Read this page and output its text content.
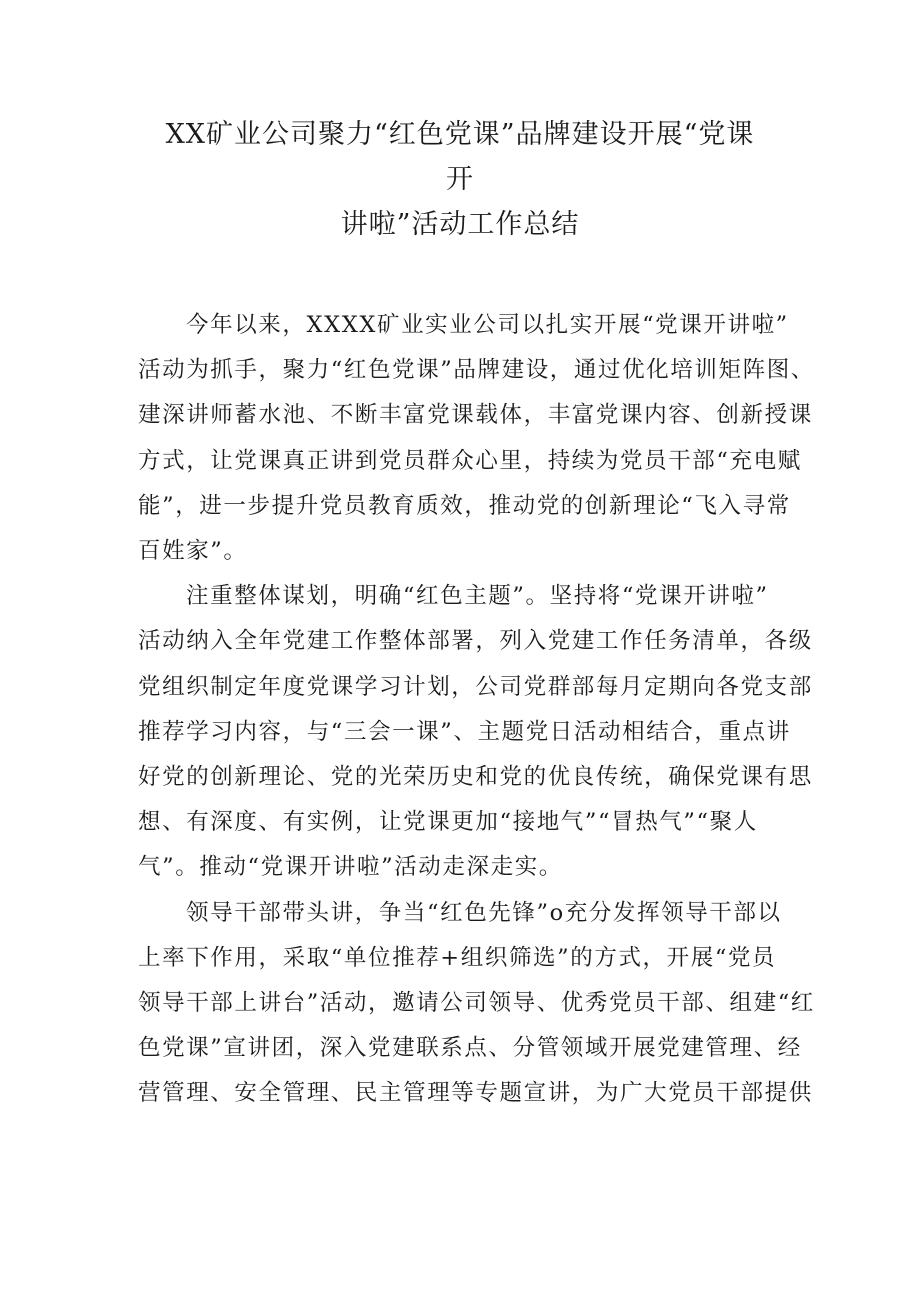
XX矿业公司聚力“红色党课”品牌建设开展“党课
开
讲啦”活动工作总结
今年以来，XXXX矿业实业公司以扎实开展“党课开讲啦”
活动为抓手，聚力“红色党课”品牌建设，通过优化培训矩阵图、
建深讲师蓄水池、不断丰富党课载体，丰富党课内容、创新授课
方式，让党课真正讲到党员群众心里，持续为党员干部“充电赋
能”，进一步提升党员教育质效，推动党的创新理论“飞入寻常
百姓家”。
注重整体谋划，明确“红色主题”。坚持将“党课开讲啦”
活动纳入全年党建工作整体部署，列入党建工作任务清单，各级
党组织制定年度党课学习计划，公司党群部每月定期向各党支部
推荐学习内容，与“三会一课”、主题党日活动相结合，重点讲
好党的创新理论、党的光荣历史和党的优良传统，确保党课有思
想、有深度、有实例，让党课更加“接地气”“冒热气”“聚人
气”。推动“党课开讲啦”活动走深走实。
领导干部带头讲，争当“红色先锋”o充分发挥领导干部以
上率下作用，采取“单位推荐+组织筛选”的方式，开展“党员
领导干部上讲台”活动，邀请公司领导、优秀党员干部、组建“红
色党课”宣讲团，深入党建联系点、分管领域开展党建管理、经
营管理、安全管理、民主管理等专题宣讲，为广大党员干部提供
